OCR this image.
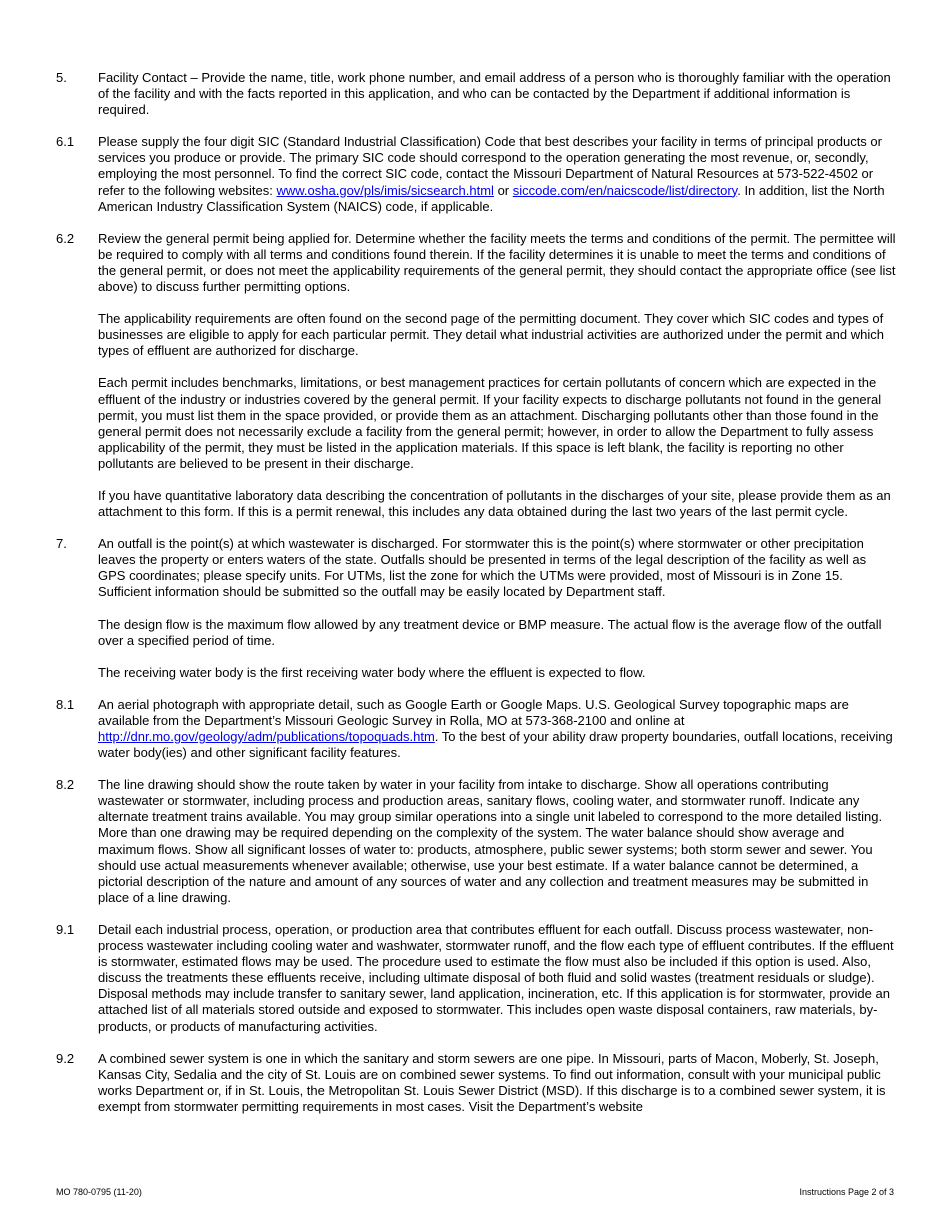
5.	Facility Contact – Provide the name, title, work phone number, and email address of a person who is thoroughly familiar with the operation of the facility and with the facts reported in this application, and who can be contacted by the Department if additional information is required.

6.1	Please supply the four digit SIC (Standard Industrial Classification) Code that best describes your facility in terms of principal products or services you produce or provide. The primary SIC code should correspond to the operation generating the most revenue, or, secondly, employing the most personnel. To find the correct SIC code, contact the Missouri Department of Natural Resources at 573-522-4502 or refer to the following websites: www.osha.gov/pls/imis/sicsearch.html or siccode.com/en/naicscode/list/directory. In addition, list the North American Industry Classification System (NAICS) code, if applicable.

6.2	Review the general permit being applied for. Determine whether the facility meets the terms and conditions of the permit. The permittee will be required to comply with all terms and conditions found therein. If the facility determines it is unable to meet the terms and conditions of the general permit, or does not meet the applicability requirements of the general permit, they should contact the appropriate office (see list above) to discuss further permitting options.

The applicability requirements are often found on the second page of the permitting document. They cover which SIC codes and types of businesses are eligible to apply for each particular permit. They detail what industrial activities are authorized under the permit and which types of effluent are authorized for discharge.

Each permit includes benchmarks, limitations, or best management practices for certain pollutants of concern which are expected in the effluent of the industry or industries covered by the general permit. If your facility expects to discharge pollutants not found in the general permit, you must list them in the space provided, or provide them as an attachment. Discharging pollutants other than those found in the general permit does not necessarily exclude a facility from the general permit; however, in order to allow the Department to fully assess applicability of the permit, they must be listed in the application materials. If this space is left blank, the facility is reporting no other pollutants are believed to be present in their discharge.

If you have quantitative laboratory data describing the concentration of pollutants in the discharges of your site, please provide them as an attachment to this form. If this is a permit renewal, this includes any data obtained during the last two years of the last permit cycle.

7.	An outfall is the point(s) at which wastewater is discharged. For stormwater this is the point(s) where stormwater or other precipitation leaves the property or enters waters of the state. Outfalls should be presented in terms of the legal description of the facility as well as GPS coordinates; please specify units. For UTMs, list the zone for which the UTMs were provided, most of Missouri is in Zone 15. Sufficient information should be submitted so the outfall may be easily located by Department staff.

The design flow is the maximum flow allowed by any treatment device or BMP measure. The actual flow is the average flow of the outfall over a specified period of time.

The receiving water body is the first receiving water body where the effluent is expected to flow.

8.1	An aerial photograph with appropriate detail, such as Google Earth or Google Maps. U.S. Geological Survey topographic maps are available from the Department’s Missouri Geologic Survey in Rolla, MO at 573-368-2100 and online at http://dnr.mo.gov/geology/adm/publications/topoquads.htm. To the best of your ability draw property boundaries, outfall locations, receiving water body(ies) and other significant facility features.

8.2	The line drawing should show the route taken by water in your facility from intake to discharge. Show all operations contributing wastewater or stormwater, including process and production areas, sanitary flows, cooling water, and stormwater runoff. Indicate any alternate treatment trains available. You may group similar operations into a single unit labeled to correspond to the more detailed listing. More than one drawing may be required depending on the complexity of the system. The water balance should show average and maximum flows. Show all significant losses of water to: products, atmosphere, public sewer systems; both storm sewer and sewer. You should use actual measurements whenever available; otherwise, use your best estimate. If a water balance cannot be determined, a pictorial description of the nature and amount of any sources of water and any collection and treatment measures may be submitted in place of a line drawing.

9.1	Detail each industrial process, operation, or production area that contributes effluent for each outfall. Discuss process wastewater, non-process wastewater including cooling water and washwater, stormwater runoff, and the flow each type of effluent contributes. If the effluent is stormwater, estimated flows may be used. The procedure used to estimate the flow must also be included if this option is used. Also, discuss the treatments these effluents receive, including ultimate disposal of both fluid and solid wastes (treatment residuals or sludge). Disposal methods may include transfer to sanitary sewer, land application, incineration, etc. If this application is for stormwater, provide an attached list of all materials stored outside and exposed to stormwater. This includes open waste disposal containers, raw materials, by-products, or products of manufacturing activities.

9.2	A combined sewer system is one in which the sanitary and storm sewers are one pipe. In Missouri, parts of Macon, Moberly, St. Joseph, Kansas City, Sedalia and the city of St. Louis are on combined sewer systems. To find out information, consult with your municipal public works Department or, if in St. Louis, the Metropolitan St. Louis Sewer District (MSD). If this discharge is to a combined sewer system, it is exempt from stormwater permitting requirements in most cases. Visit the Department’s website

MO 780-0795 (11-20)	Instructions Page 2 of 3
